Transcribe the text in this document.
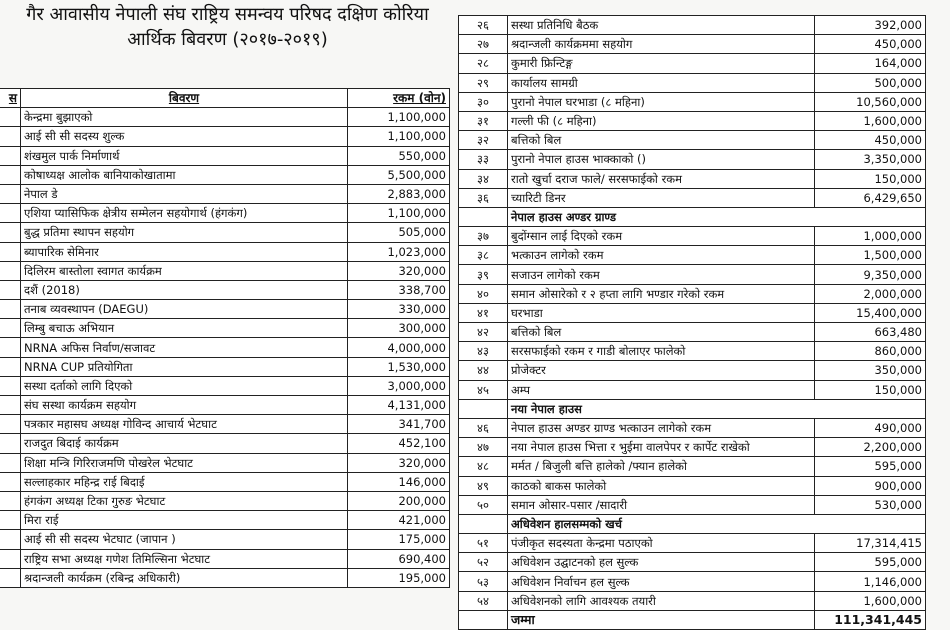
गैर आवासीय नेपाली संघ राष्ट्रिय समन्वय परिषद दक्षिण कोरिया
आर्थिक बिवरण (२०१७-२०१९)
स	बिवरण	रकम (वोन)
	केन्द्रमा बुझाएको	1,100,000
	आई सी सी सदस्य शुल्क	1,100,000
	शंखमुल पार्क निर्माणार्थ	550,000
	कोषाध्यक्ष आलोक बानियाकोखातामा	5,500,000
	नेपाल डे	2,883,000
	एशिया प्यासिफिक क्षेत्रीय सम्मेलन सहयोगार्थ (हंगकंग)	1,100,000
	बुद्ध प्रतिमा स्थापन सहयोग	505,000
	ब्यापारिक सेमिनार	1,023,000
	दिलिरम बास्तोला स्वागत कार्यक्रम	320,000
	दशैं (2018)	338,700
	तनाब व्यवस्थापन (DAEGU)	330,000
	लिम्बु बचाऊ अभियान	300,000
	NRNA अफिस निर्वाण/सजावट	4,000,000
	NRNA CUP प्रतियोगिता	1,530,000
	सस्था दर्ताको लागि दिएको	3,000,000
	संघ सस्था कार्यक्रम सहयोग	4,131,000
	पत्रकार महासघ अध्यक्ष गोविन्द आचार्य भेटघाट	341,700
	राजदुत बिदाई कार्यक्रम	452,100
	शिक्षा मन्त्रि गिरिराजमणि पोखरेल भेटघाट	320,000
	सल्लाहकार महिन्द्र राई बिदाई	146,000
	हंगकंग अध्यक्ष टिका गुरुङ भेटघाट	200,000
	मिरा राई	421,000
	आई सी सी सदस्य भेटघाट (जापान )	175,000
	राष्ट्रिय सभा अध्यक्ष गणेश तिमिल्सिना भेटघाट	690,400
	श्रदान्जली कार्यक्रम (रबिन्द्र अधिकारी)	195,000
२६	सस्था प्रतिनिधि बैठक	392,000
२७	श्रदान्जली कार्यक्रममा सहयोग	450,000
२८	कुमारी फ्रिन्टिङ्ग	164,000
२९	कार्यालय सामग्री	500,000
३०	पुरानो नेपाल घरभाडा (८ महिना)	10,560,000
३१	गल्ली फी (८ महिना)	1,600,000
३२	बत्तिको बिल	450,000
३३	पुरानो नेपाल हाउस भाक्काको ()	3,350,000
३४	रातो खुर्चा दराज फाले/ सरसफाईको रकम	150,000
३६	च्यारिटी डिनर	6,429,650
	नेपाल हाउस अण्डर ग्राण्ड	
३७	बुदोंग्सान लाई दिएको रकम	1,000,000
३८	भत्काउन लागेको रकम	1,500,000
३९	सजाउन लागेको रकम	9,350,000
४०	समान ओसारेको र २ हप्ता लागि भण्डार गरेको रकम	2,000,000
४१	घरभाडा	15,400,000
४२	बत्तिको बिल	663,480
४३	सरसफाईको रकम र गाडी बोलाएर फालेको	860,000
४४	प्रोजेक्टर	350,000
४५	अम्प	150,000
	नया नेपाल हाउस	
४६	नेपाल हाउस अण्डर ग्राण्ड भत्काउन लागेको रकम	490,000
४७	नया नेपाल हाउस भित्ता र भुईमा वालपेपर र कार्पेट राखेको	2,200,000
४८	मर्मत / बिजुली बत्ति हालेको /फ्यान हालेको	595,000
४९	काठको बाकस फालेको	900,000
५०	समान ओसार-पसार /सादारी	530,000
	अधिवेशन हालसम्मको खर्च	
५१	पंजीकृत सदस्यता केन्द्रमा पठाएको	17,314,415
५२	अधिवेशन उद्घाटनको हल सुल्क	595,000
५३	अधिवेशन निर्वाचन हल सुल्क	1,146,000
५४	अधिवेशनको लागि आवश्यक तयारी	1,600,000
	जम्मा	111,341,445
